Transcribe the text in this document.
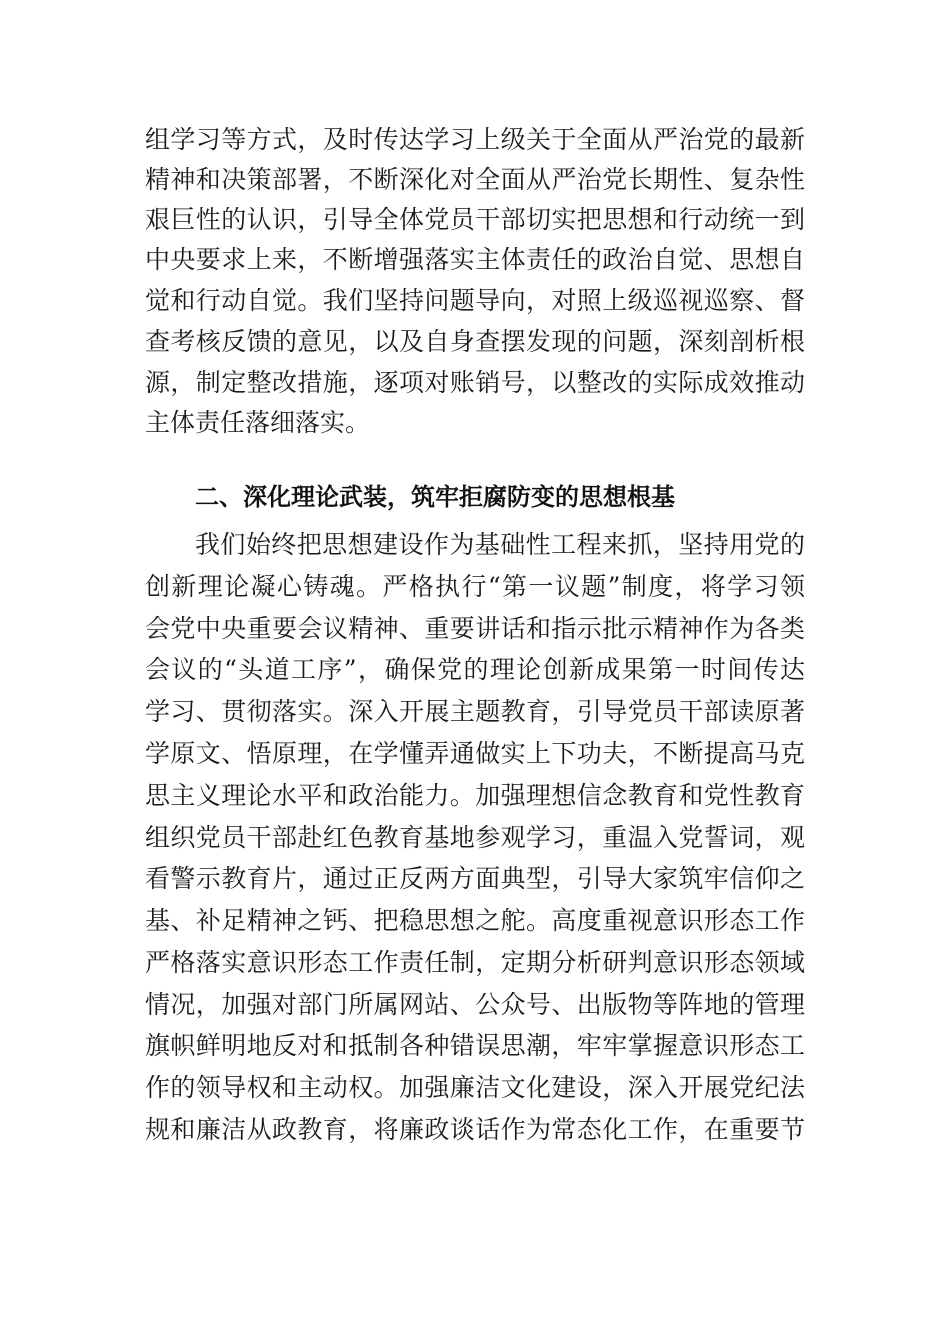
组学习等方式，及时传达学习上级关于全面从严治党的最新
精神和决策部署，不断深化对全面从严治党长期性、复杂性
艰巨性的认识，引导全体党员干部切实把思想和行动统一到
中央要求上来，不断增强落实主体责任的政治自觉、思想自
觉和行动自觉。我们坚持问题导向，对照上级巡视巡察、督
查考核反馈的意见，以及自身查摆发现的问题，深刻剖析根
源，制定整改措施，逐项对账销号，以整改的实际成效推动
主体责任落细落实。
二、深化理论武装，筑牢拒腐防变的思想根基
我们始终把思想建设作为基础性工程来抓，坚持用党的
创新理论凝心铸魂。严格执行“第一议题”制度，将学习领
会党中央重要会议精神、重要讲话和指示批示精神作为各类
会议的“头道工序”，确保党的理论创新成果第一时间传达
学习、贯彻落实。深入开展主题教育，引导党员干部读原著
学原文、悟原理，在学懂弄通做实上下功夫，不断提高马克
思主义理论水平和政治能力。加强理想信念教育和党性教育
组织党员干部赴红色教育基地参观学习，重温入党誓词，观
看警示教育片，通过正反两方面典型，引导大家筑牢信仰之
基、补足精神之钙、把稳思想之舵。高度重视意识形态工作
严格落实意识形态工作责任制，定期分析研判意识形态领域
情况，加强对部门所属网站、公众号、出版物等阵地的管理
旗帜鲜明地反对和抵制各种错误思潮，牢牢掌握意识形态工
作的领导权和主动权。加强廉洁文化建设，深入开展党纪法
规和廉洁从政教育，将廉政谈话作为常态化工作，在重要节
